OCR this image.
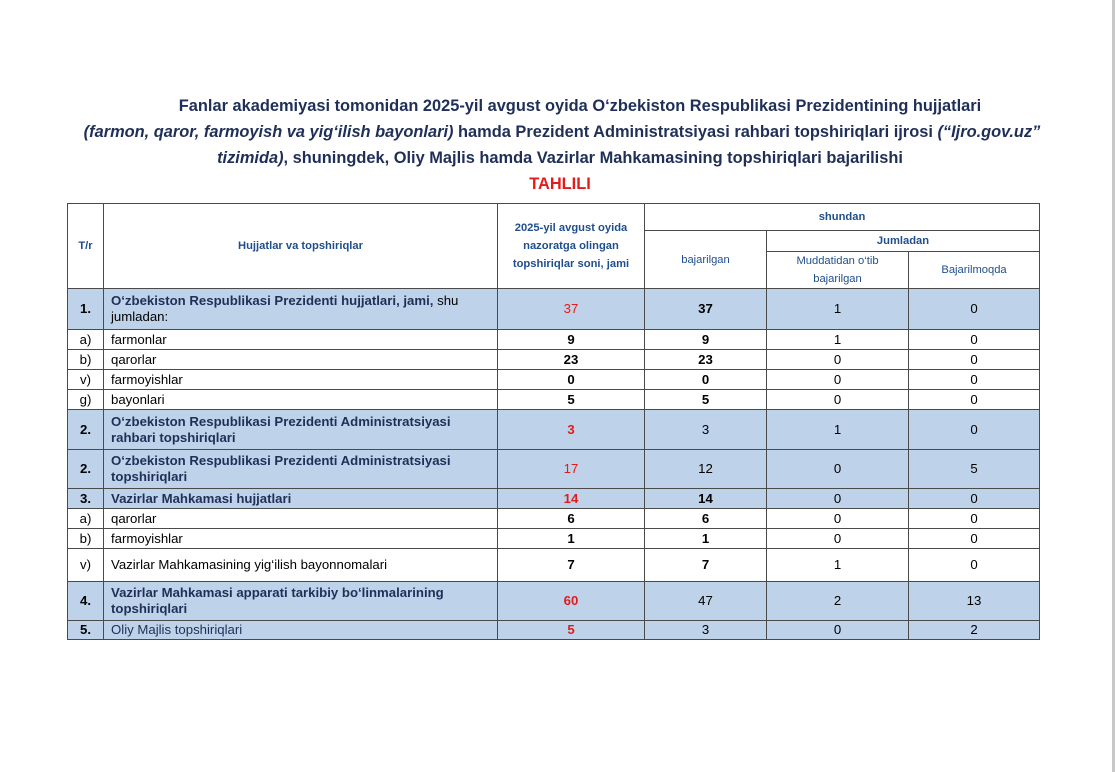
Fanlar akademiyasi tomonidan 2025-yil avgust oyida O‘zbekiston Respublikasi Prezidentining hujjatlari
(farmon, qaror, farmoyish va yig‘ilish bayonlari) hamda Prezident Administratsiyasi rahbari topshiriqlari ijrosi (“Ijro.gov.uz”
tizimida), shuningdek, Oliy Majlis hamda Vazirlar Mahkamasining topshiriqlari bajarilishi
TAHLILI
T/r	Hujjatlar va topshiriqlar	2025-yil avgust oyida nazoratga olingan topshiriqlar soni, jami	shundan		
			bajarilgan	Jumladan	
				Muddatidan o‘tib bajarilgan	Bajarilmoqda
1.	O‘zbekiston Respublikasi Prezidenti hujjatlari, jami, shu jumladan:	37	37	1	0
a)	farmonlar	9	9	1	0
b)	qarorlar	23	23	0	0
v)	farmoyishlar	0	0	0	0
g)	bayonlari	5	5	0	0
2.	O‘zbekiston Respublikasi Prezidenti Administratsiyasi rahbari topshiriqlari	3	3	1	0
2.	O‘zbekiston Respublikasi Prezidenti Administratsiyasi topshiriqlari	17	12	0	5
3.	Vazirlar Mahkamasi hujjatlari	14	14	0	0
a)	qarorlar	6	6	0	0
b)	farmoyishlar	1	1	0	0
v)	Vazirlar Mahkamasining yig‘ilish bayonnomalari	7	7	1	0
4.	Vazirlar Mahkamasi apparati tarkibiy bo‘linmalarining topshiriqlari	60	47	2	13
5.	Oliy Majlis topshiriqlari	5	3	0	2
